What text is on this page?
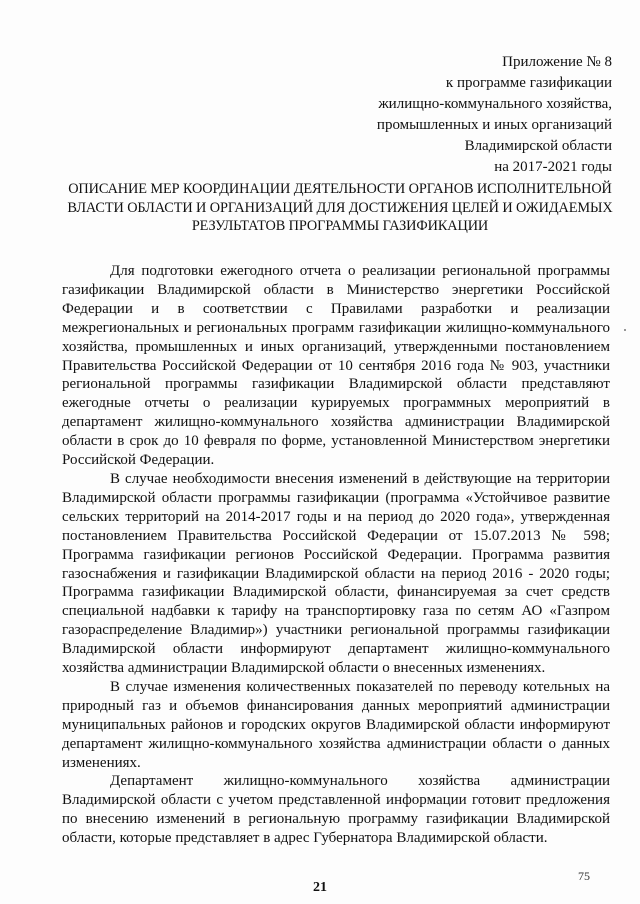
Приложение № 8
к программе газификации
жилищно-коммунального хозяйства,
промышленных и иных организаций
Владимирской области
на 2017-2021 годы
ОПИСАНИЕ МЕР КООРДИНАЦИИ ДЕЯТЕЛЬНОСТИ ОРГАНОВ ИСПОЛНИТЕЛЬНОЙ ВЛАСТИ ОБЛАСТИ И ОРГАНИЗАЦИЙ ДЛЯ ДОСТИЖЕНИЯ ЦЕЛЕЙ И ОЖИДАЕМЫХ РЕЗУЛЬТАТОВ ПРОГРАММЫ ГАЗИФИКАЦИИ

Для подготовки ежегодного отчета о реализации региональной программы газификации Владимирской области в Министерство энергетики Российской Федерации и в соответствии с Правилами разработки и реализации межрегиональных и региональных программ газификации жилищно-коммунального хозяйства, промышленных и иных организаций, утвержденными постановлением Правительства Российской Федерации от 10 сентября 2016 года № 903, участники региональной программы газификации Владимирской области представляют ежегодные отчеты о реализации курируемых программных мероприятий в департамент жилищно-коммунального хозяйства администрации Владимирской области в срок до 10 февраля по форме, установленной Министерством энергетики Российской Федерации.

В случае необходимости внесения изменений в действующие на территории Владимирской области программы газификации (программа «Устойчивое развитие сельских территорий на 2014-2017 годы и на период до 2020 года», утвержденная постановлением Правительства Российской Федерации от 15.07.2013 № 598; Программа газификации регионов Российской Федерации. Программа развития газоснабжения и газификации Владимирской области на период 2016 - 2020 годы; Программа газификации Владимирской области, финансируемая за счет средств специальной надбавки к тарифу на транспортировку газа по сетям АО «Газпром газораспределение Владимир») участники региональной программы газификации Владимирской области информируют департамент жилищно-коммунального хозяйства администрации Владимирской области о внесенных изменениях.

В случае изменения количественных показателей по переводу котельных на природный газ и объемов финансирования данных мероприятий администрации муниципальных районов и городских округов Владимирской области информируют департамент жилищно-коммунального хозяйства администрации области о данных изменениях.

Департамент жилищно-коммунального хозяйства администрации Владимирской области с учетом представленной информации готовит предложения по внесению изменений в региональную программу газификации Владимирской области, которые представляет в адрес Губернатора Владимирской области.

75
21
